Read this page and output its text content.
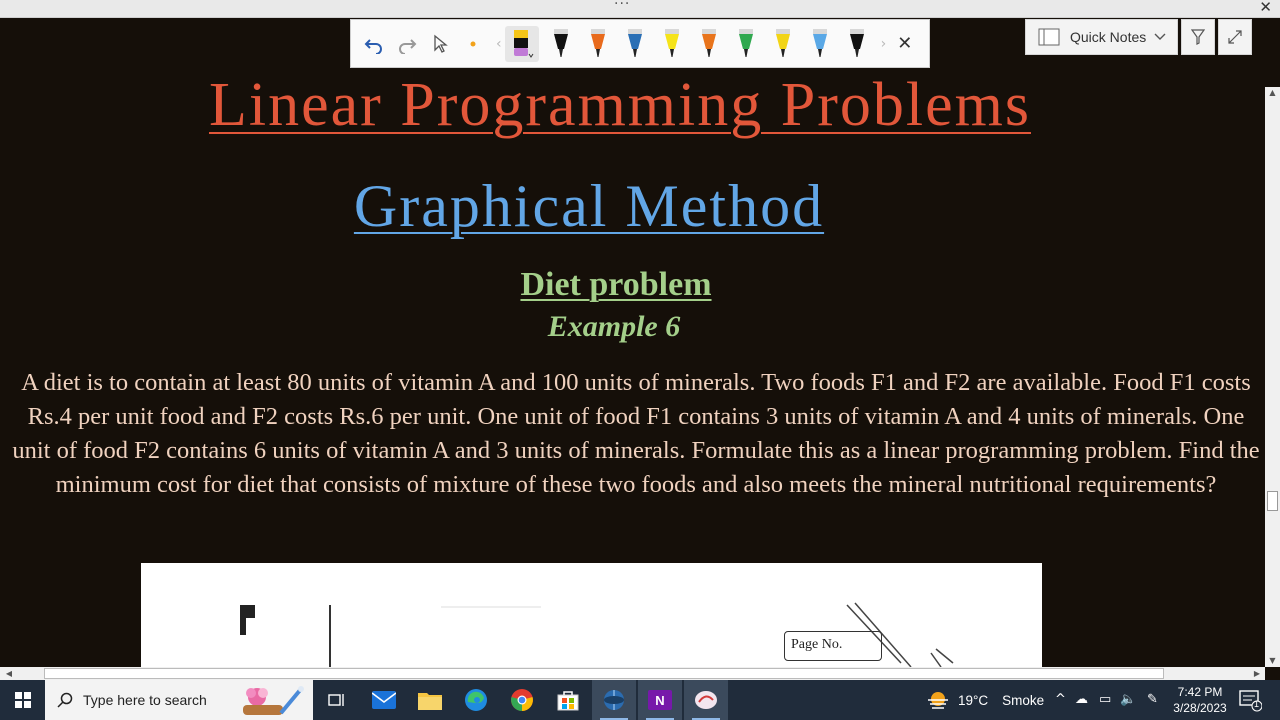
···	✕
‹	› ✕	Quick Notes
Linear Programming Problems
Graphical Method
Diet problem
Example 6
A diet is to contain at least 80 units of vitamin A and 100 units of minerals. Two foods F1 and F2 are available. Food F1 costs Rs.4 per unit food and F2 costs Rs.6 per unit. One unit of food F1 contains 3 units of vitamin A and 4 units of minerals. One unit of food F2 contains 6 units of vitamin A and 3 units of minerals. Formulate this as a linear programming problem. Find the minimum cost for diet that consists of mixture of these two foods and also meets the mineral nutritional requirements?
Page No.
▲
▼
◀	▶
Type here to search	N	19°C Smoke ^ ☁ ▭ 🔈 ✎	7:42 PM
3/28/2023	1
